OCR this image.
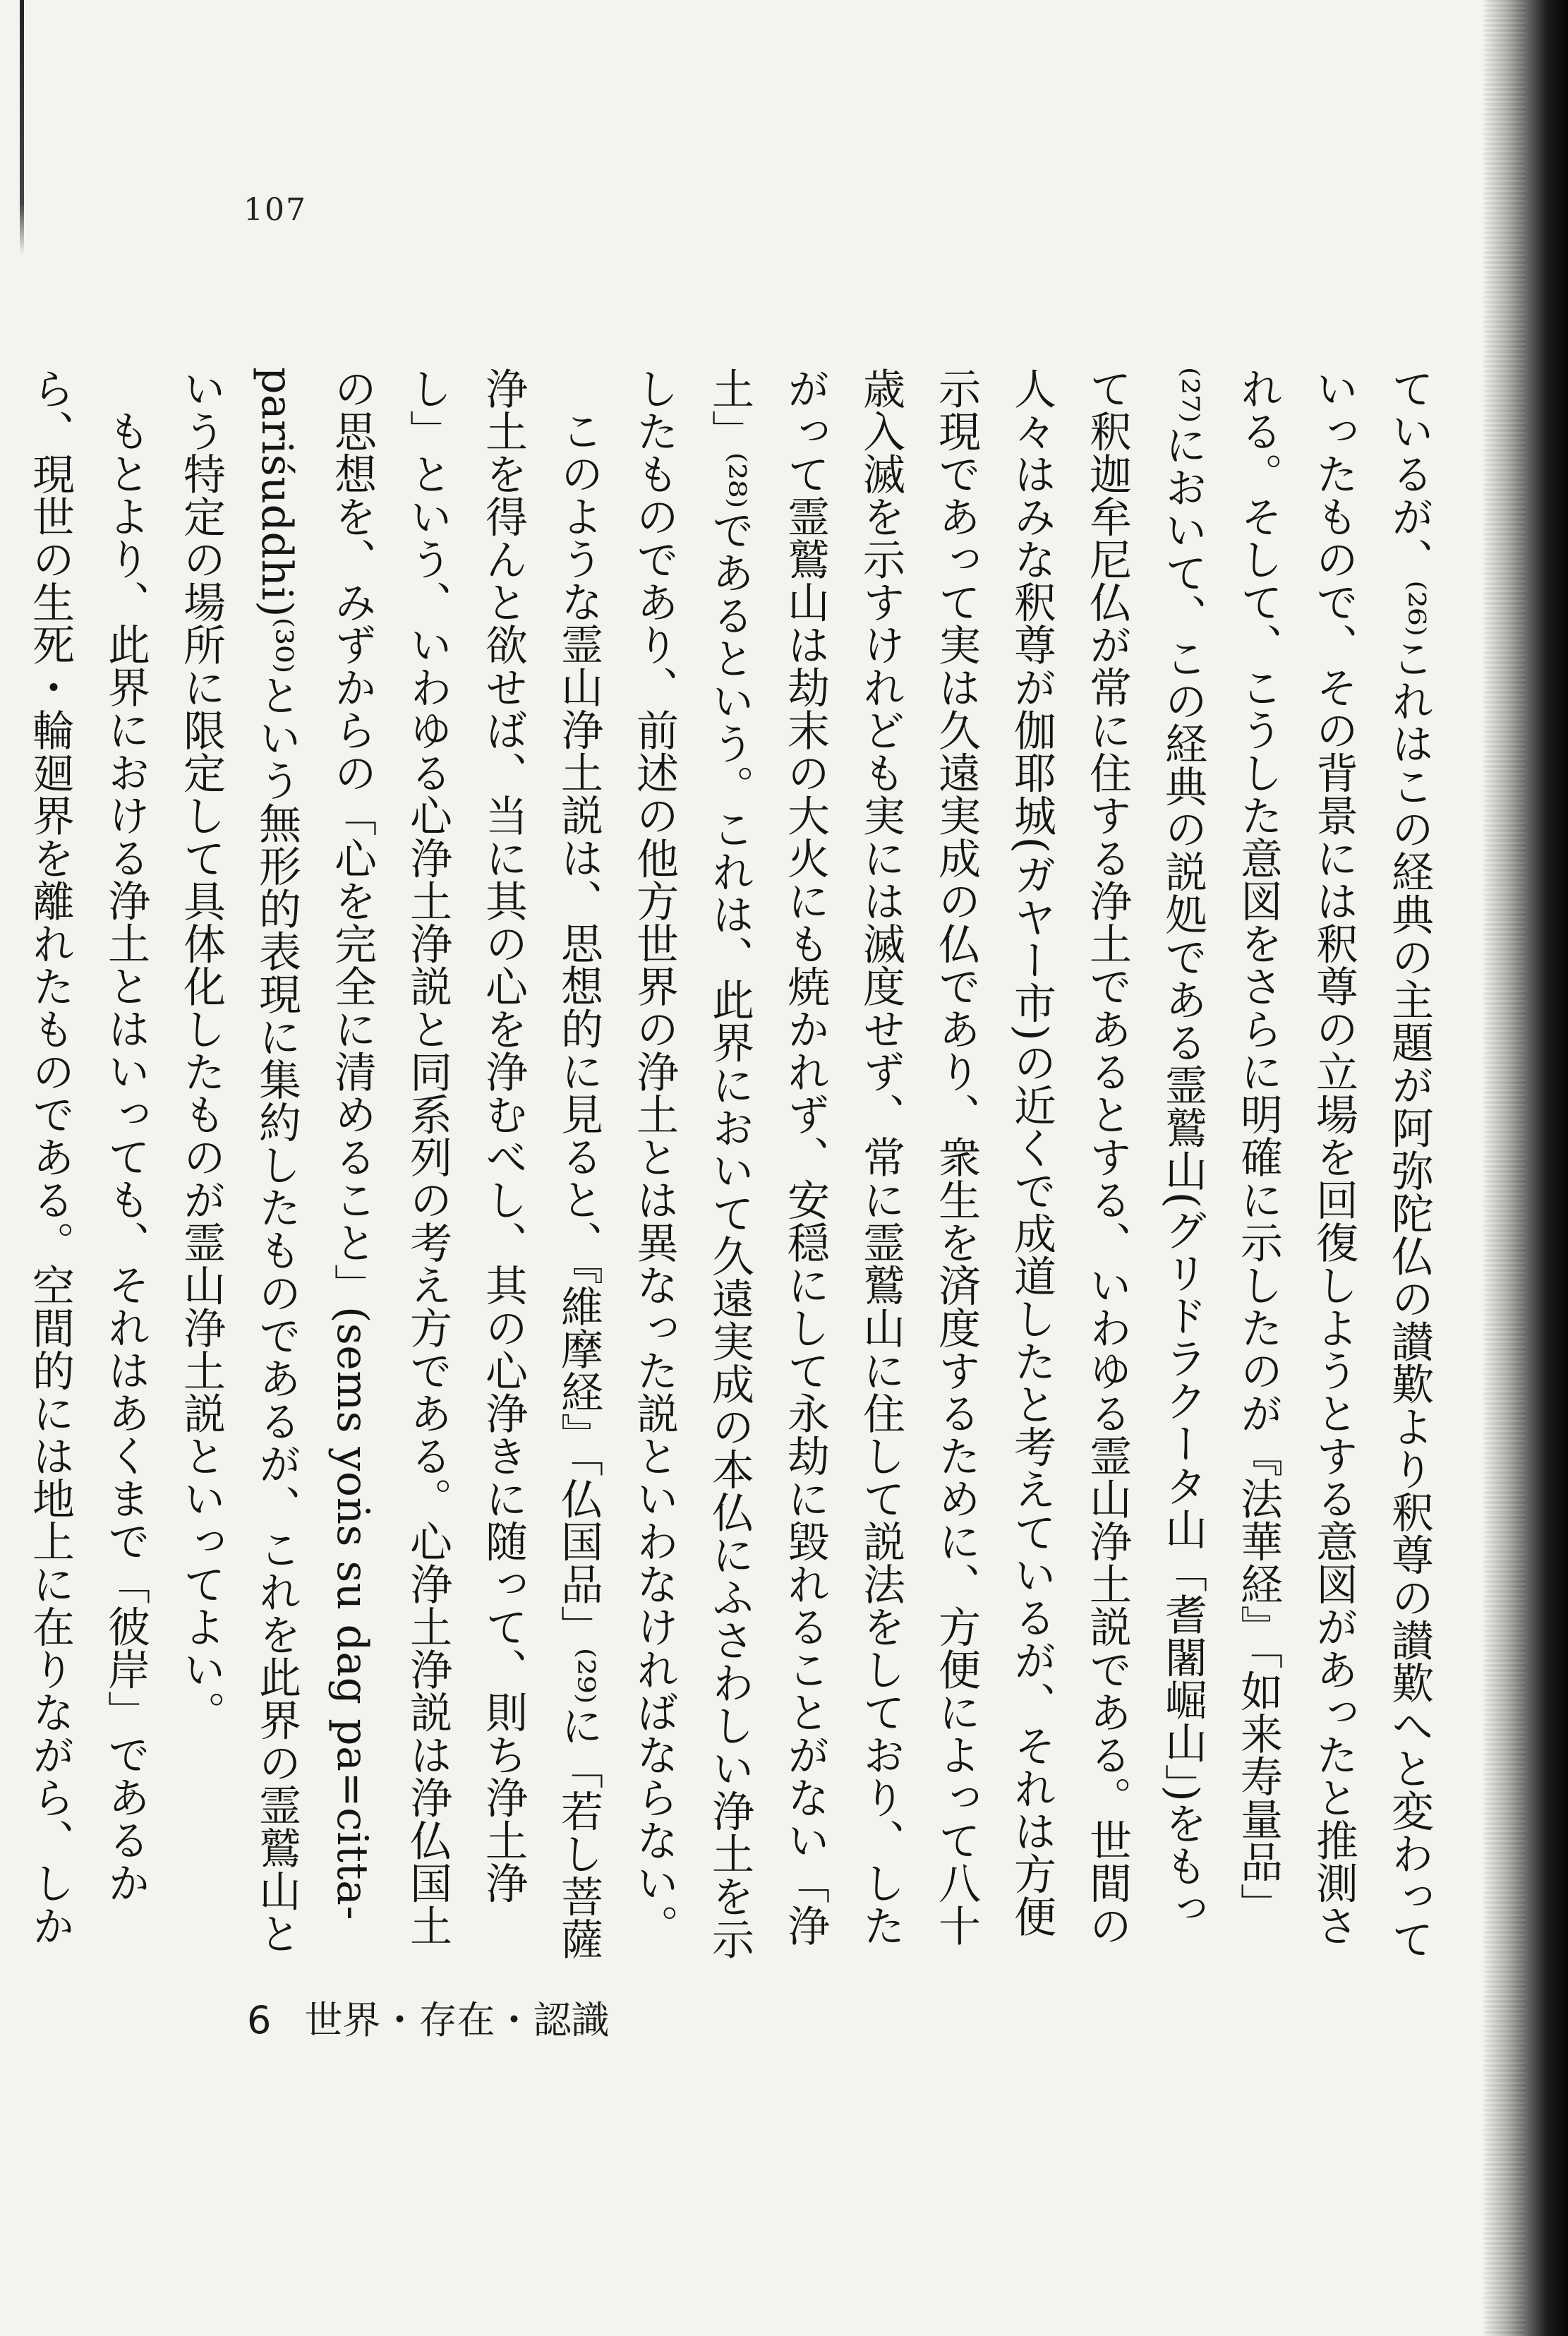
107

ているが、⁽²⁶⁾これはこの経典の主題が阿弥陀仏の讃歎より釈尊の讃歎へと変わっていったもので、その背景には釈尊の立場を回復しようとする意図があったと推測される。そして、こうした意図をさらに明確に示したのが『法華経』「如来寿量品」⁽²⁷⁾において、この経典の説処である霊鷲山(グリドラクータ山「耆闍崛山」)をもって釈迦牟尼仏が常に住する浄土であるとする、いわゆる霊山浄土説である。世間の人々はみな釈尊が伽耶城(ガヤー市)の近くで成道したと考えているが、それは方便示現であって実は久遠実成の仏であり、衆生を済度するために、方便によって八十歳入滅を示すけれども実には滅度せず、常に霊鷲山に住して説法をしており、したがって霊鷲山は劫末の大火にも焼かれず、安穏にして永劫に毀れることがない「浄土」⁽²⁸⁾であるという。これは、此界において久遠実成の本仏にふさわしい浄土を示したものであり、前述の他方世界の浄土とは異なった説といわなければならない。

このような霊山浄土説は、思想的に見ると、『維摩経』「仏国品」⁽²⁹⁾に「若し菩薩浄土を得んと欲せば、当に其の心を浄むべし、其の心浄きに随って、則ち浄土浄し」という、いわゆる心浄土浄説と同系列の考え方である。心浄土浄説は浄仏国土の思想を、みずからの「心を完全に清めること」(sems yoṅs su dag pa=citta-pariśuddhi)⁽³⁰⁾という無形的表現に集約したものであるが、これを此界の霊鷲山という特定の場所に限定して具体化したものが霊山浄土説といってよい。

もとより、此界における浄土とはいっても、それはあくまで「彼岸」であるから、現世の生死・輪廻界を離れたものである。空間的には地上に在りながら、しか

6 世界・存在・認識
